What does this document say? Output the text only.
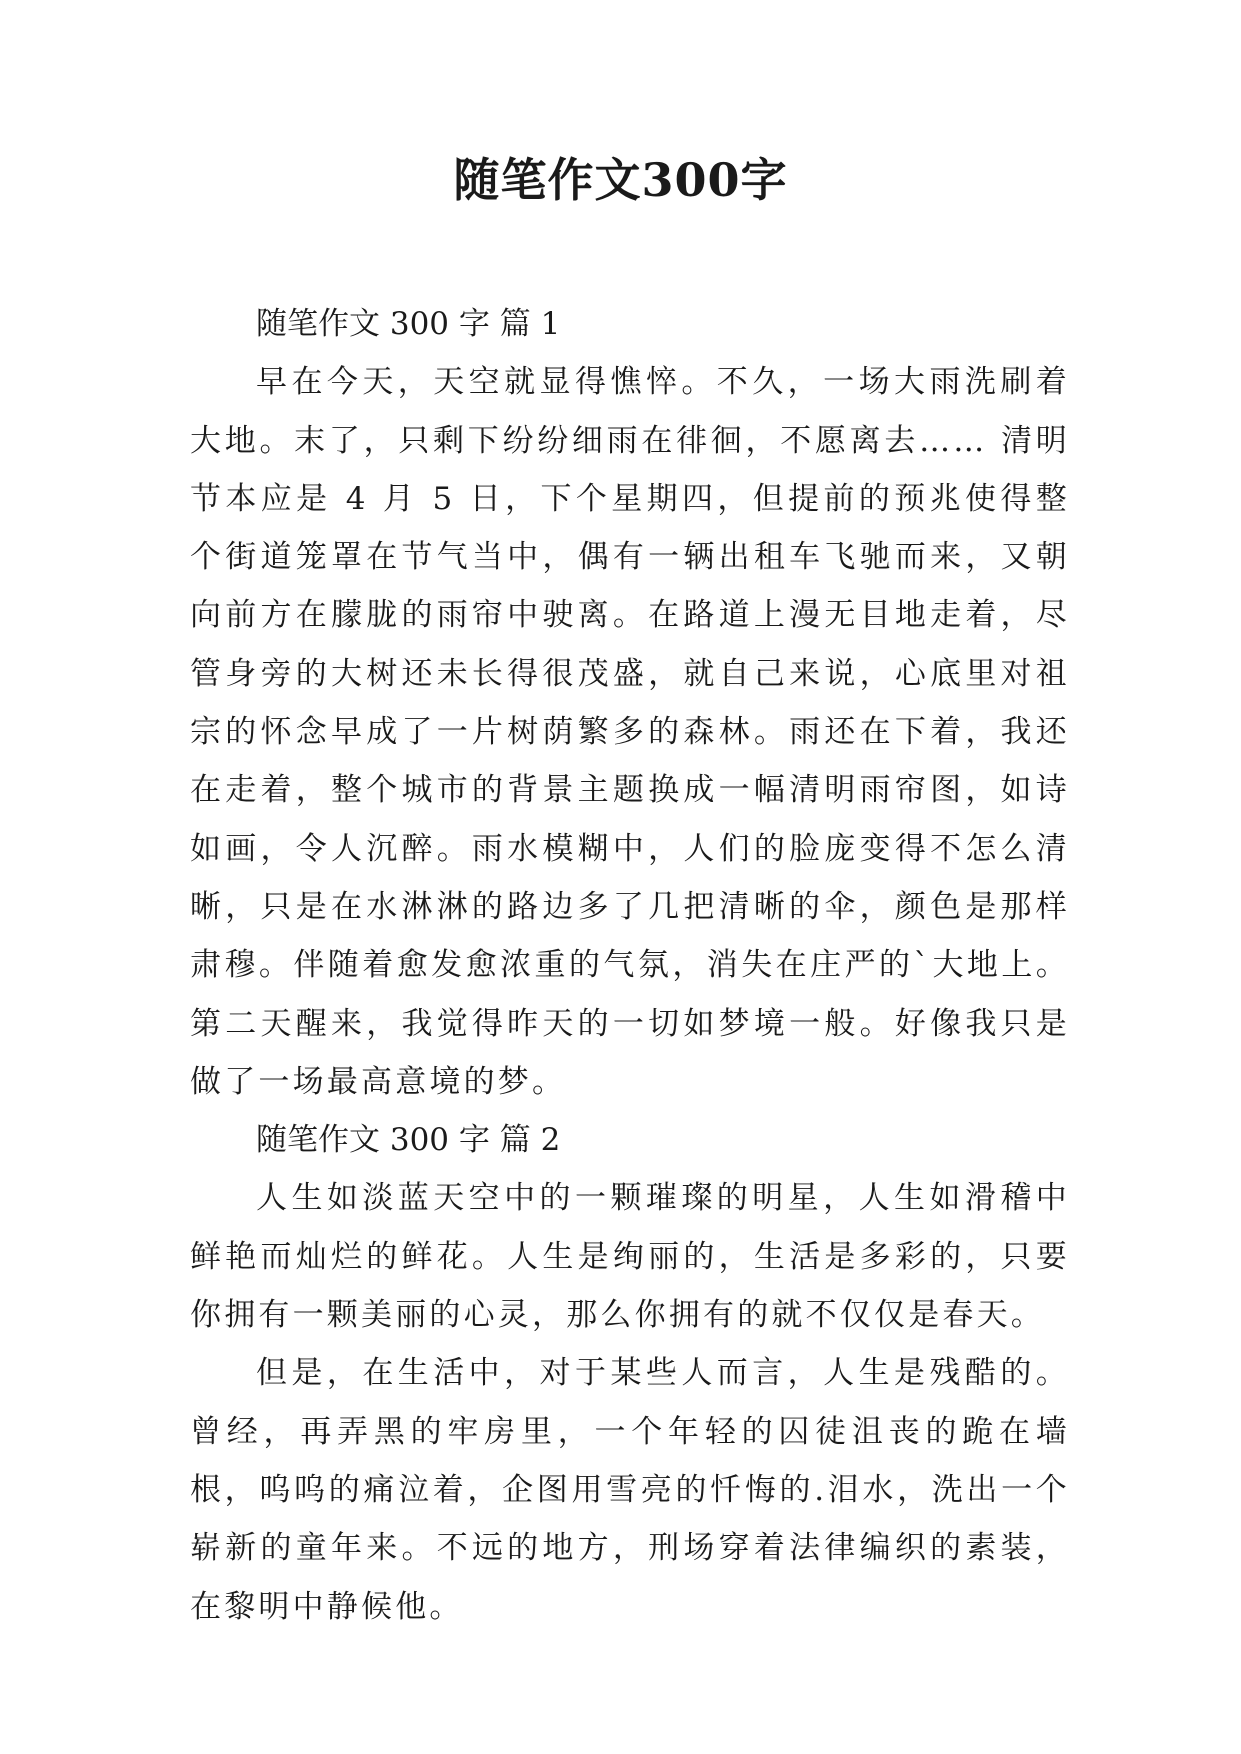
随笔作文300字
随笔作文 300 字 篇 1

早在今天，天空就显得憔悴。不久，一场大雨洗刷着大地。末了，只剩下纷纷细雨在徘徊，不愿离去…… 清明节本应是 4 月 5 日，下个星期四，但提前的预兆使得整个街道笼罩在节气当中，偶有一辆出租车飞驰而来，又朝向前方在朦胧的雨帘中驶离。在路道上漫无目地走着，尽管身旁的大树还未长得很茂盛，就自己来说，心底里对祖宗的怀念早成了一片树荫繁多的森林。雨还在下着，我还在走着，整个城市的背景主题换成一幅清明雨帘图，如诗如画，令人沉醉。雨水模糊中，人们的脸庞变得不怎么清晰，只是在水淋淋的路边多了几把清晰的伞，颜色是那样肃穆。伴随着愈发愈浓重的气氛，消失在庄严的`大地上。 第二天醒来，我觉得昨天的一切如梦境一般。好像我只是做了一场最高意境的梦。

随笔作文 300 字 篇 2

人生如淡蓝天空中的一颗璀璨的明星，人生如滑稽中鲜艳而灿烂的鲜花。人生是绚丽的，生活是多彩的，只要你拥有一颗美丽的心灵，那么你拥有的就不仅仅是春天。

但是，在生活中，对于某些人而言，人生是残酷的。曾经，再弄黑的牢房里，一个年轻的囚徒沮丧的跪在墙根，呜呜的痛泣着，企图用雪亮的忏悔的.泪水，洗出一个崭新的童年来。不远的地方，刑场穿着法律编织的素装，在黎明中静候他。
